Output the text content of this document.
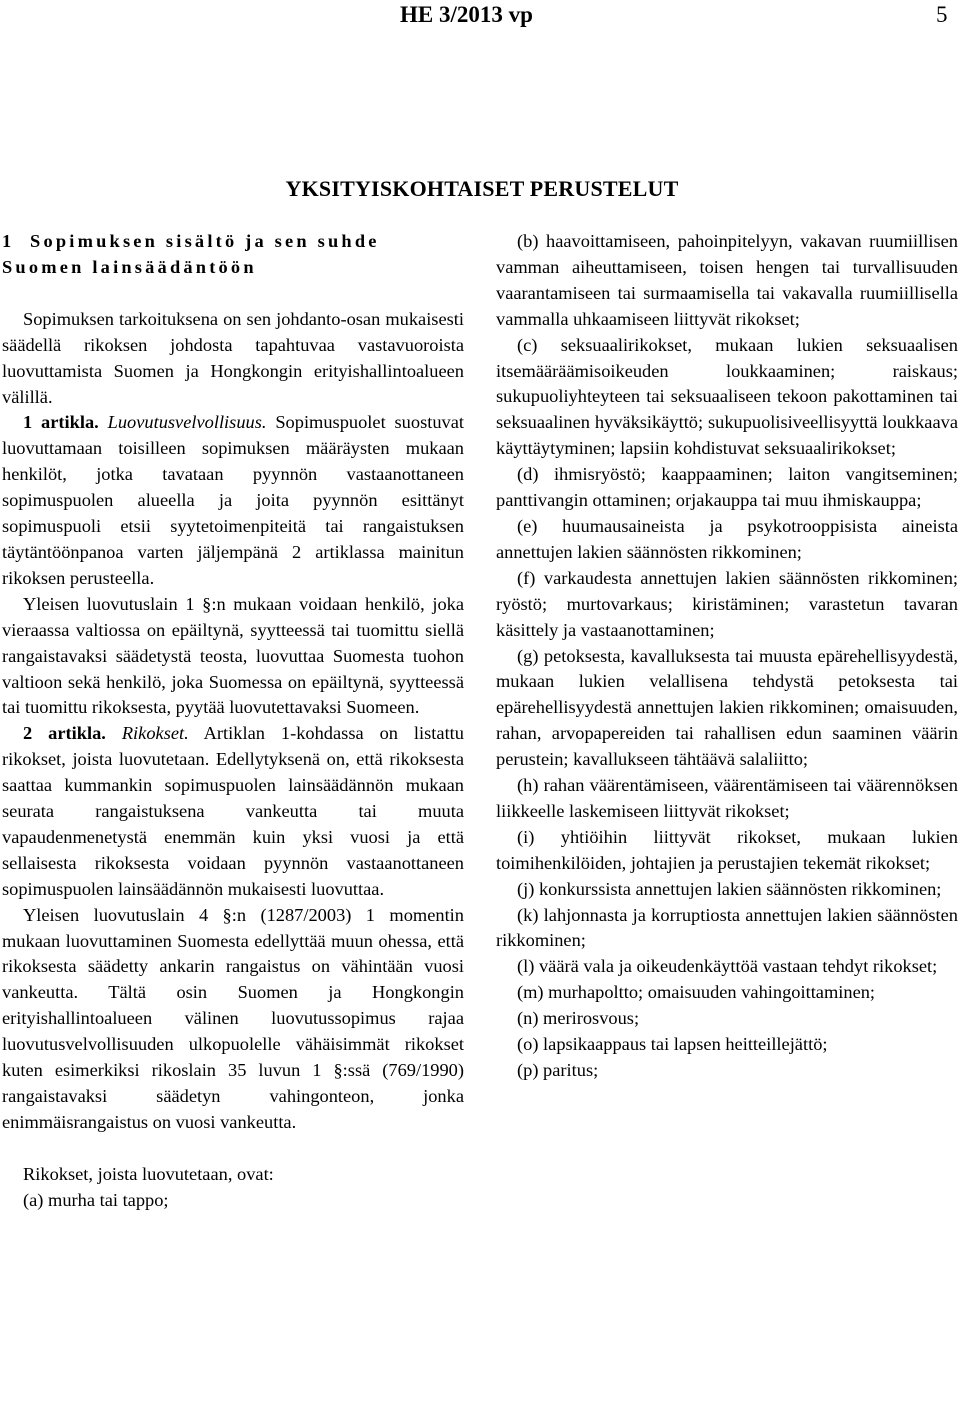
HE 3/2013 vp	5
YKSITYISKOHTAISET PERUSTELUT

1 Sopimuksen sisältö ja sen suhde
Suomen lainsäädäntöön

Sopimuksen tarkoituksena on sen johdanto-osan mukaisesti säädellä rikoksen johdosta tapahtuvaa vastavuoroista luovuttamista Suomen ja Hongkongin erityishallintoalueen välillä.

1 artikla. Luovutusvelvollisuus. Sopimuspuolet suostuvat luovuttamaan toisilleen sopimuksen määräysten mukaan henkilöt, jotka tavataan pyynnön vastaanottaneen sopimuspuolen alueella ja joita pyynnön esittänyt sopimuspuoli etsii syytetoimenpiteitä tai rangaistuksen täytäntöönpanoa varten jäljempänä 2 artiklassa mainitun rikoksen perusteella.

Yleisen luovutuslain 1 §:n mukaan voidaan henkilö, joka vieraassa valtiossa on epäiltynä, syytteessä tai tuomittu siellä rangaistavaksi säädetystä teosta, luovuttaa Suomesta tuohon valtioon sekä henkilö, joka Suomessa on epäiltynä, syytteessä tai tuomittu rikoksesta, pyytää luovutettavaksi Suomeen.

2 artikla. Rikokset. Artiklan 1-kohdassa on listattu rikokset, joista luovutetaan. Edellytyksenä on, että rikoksesta saattaa kummankin sopimuspuolen lainsäädännön mukaan seurata rangaistuksena vankeutta tai muuta vapaudenmenetystä enemmän kuin yksi vuosi ja että sellaisesta rikoksesta voidaan pyynnön vastaanottaneen sopimuspuolen lainsäädännön mukaisesti luovuttaa.

Yleisen luovutuslain 4 §:n (1287/2003) 1 momentin mukaan luovuttaminen Suomesta edellyttää muun ohessa, että rikoksesta säädetty ankarin rangaistus on vähintään vuosi vankeutta. Tältä osin Suomen ja Hongkongin erityishallintoalueen välinen luovutussopimus rajaa luovutusvelvollisuuden ulkopuolelle vähäisimmät rikokset kuten esimerkiksi rikoslain 35 luvun 1 §:ssä (769/1990) rangaistavaksi säädetyn vahingonteon, jonka enimmäisrangaistus on vuosi vankeutta.

Rikokset, joista luovutetaan, ovat:

(a) murha tai tappo;

(b) haavoittamiseen, pahoinpitelyyn, vakavan ruumiillisen vamman aiheuttamiseen, toisen hengen tai turvallisuuden vaarantamiseen tai surmaamisella tai vakavalla ruumiillisella vammalla uhkaamiseen liittyvät rikokset;

(c) seksuaalirikokset, mukaan lukien seksuaalisen itsemääräämisoikeuden loukkaaminen; raiskaus; sukupuoliyhteyteen tai seksuaaliseen tekoon pakottaminen tai seksuaalinen hyväksikäyttö; sukupuolisiveellisyyttä loukkaava käyttäytyminen; lapsiin kohdistuvat seksuaalirikokset;

(d) ihmisryöstö; kaappaaminen; laiton vangitseminen; panttivangin ottaminen; orjakauppa tai muu ihmiskauppa;

(e) huumausaineista ja psykotrooppisista aineista annettujen lakien säännösten rikkominen;

(f) varkaudesta annettujen lakien säännösten rikkominen; ryöstö; murtovarkaus; kiristäminen; varastetun tavaran käsittely ja vastaanottaminen;

(g) petoksesta, kavalluksesta tai muusta epärehellisyydestä, mukaan lukien velallisena tehdystä petoksesta tai epärehellisyydestä annettujen lakien rikkominen; omaisuuden, rahan, arvopapereiden tai rahallisen edun saaminen väärin perustein; kavallukseen tähtäävä salaliitto;

(h) rahan väärentämiseen, väärentämiseen tai väärennöksen liikkeelle laskemiseen liittyvät rikokset;

(i) yhtiöihin liittyvät rikokset, mukaan lukien toimihenkilöiden, johtajien ja perustajien tekemät rikokset;

(j) konkurssista annettujen lakien säännösten rikkominen;

(k) lahjonnasta ja korruptiosta annettujen lakien säännösten rikkominen;

(l) väärä vala ja oikeudenkäyttöä vastaan tehdyt rikokset;

(m) murhapoltto; omaisuuden vahingoittaminen;

(n) merirosvous;

(o) lapsikaappaus tai lapsen heitteillejättö;

(p) paritus;
